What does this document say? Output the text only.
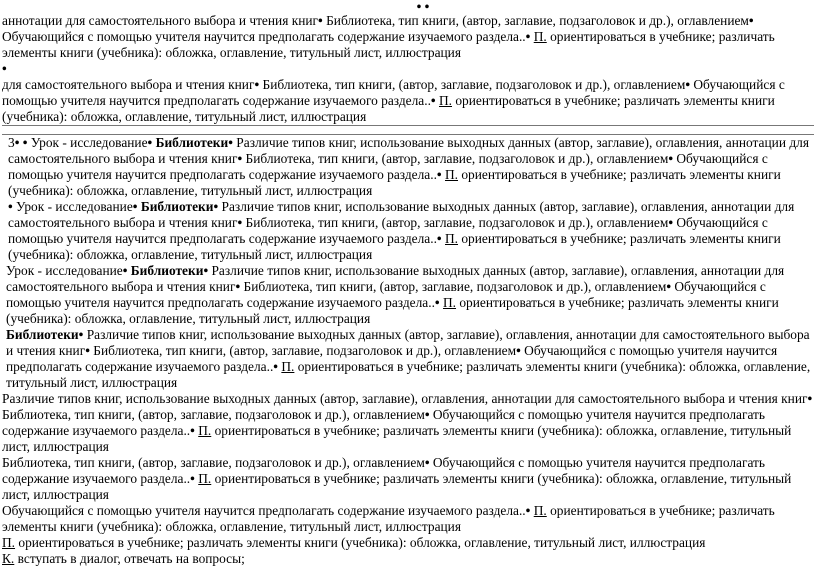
• •

аннотации для самостоятельного выбора и чтения книг• Библиотека, тип книги, (автор, заглавие, подзаголовок и др.), оглавлением• Обучающийся с помощью учителя научится предполагать содержание изучаемого раздела..• П. ориентироваться в учебнике; различать элементы книги (учебника): обложка, оглавление, титульный лист, иллюстрация

•

для самостоятельного выбора и чтения книг• Библиотека, тип книги, (автор, заглавие, подзаголовок и др.), оглавлением• Обучающийся с помощью учителя научится предполагать содержание изучаемого раздела..• П. ориентироваться в учебнике; различать элементы книги (учебника): обложка, оглавление, титульный лист, иллюстрация

3• • Урок - исследование• Библиотеки• Различие типов книг, использование выходных данных (автор, заглавие), оглавления, аннотации для самостоятельного выбора и чтения книг• Библиотека, тип книги, (автор, заглавие, подзаголовок и др.), оглавлением• Обучающийся с помощью учителя научится предполагать содержание изучаемого раздела..• П. ориентироваться в учебнике; различать элементы книги (учебника): обложка, оглавление, титульный лист, иллюстрация

• Урок - исследование• Библиотеки• Различие типов книг, использование выходных данных (автор, заглавие), оглавления, аннотации для самостоятельного выбора и чтения книг• Библиотека, тип книги, (автор, заглавие, подзаголовок и др.), оглавлением• Обучающийся с помощью учителя научится предполагать содержание изучаемого раздела..• П. ориентироваться в учебнике; различать элементы книги (учебника): обложка, оглавление, титульный лист, иллюстрация

Урок - исследование• Библиотеки• Различие типов книг, использование выходных данных (автор, заглавие), оглавления, аннотации для самостоятельного выбора и чтения книг• Библиотека, тип книги, (автор, заглавие, подзаголовок и др.), оглавлением• Обучающийся с помощью учителя научится предполагать содержание изучаемого раздела..• П. ориентироваться в учебнике; различать элементы книги (учебника): обложка, оглавление, титульный лист, иллюстрация

Библиотеки• Различие типов книг, использование выходных данных (автор, заглавие), оглавления, аннотации для самостоятельного выбора и чтения книг• Библиотека, тип книги, (автор, заглавие, подзаголовок и др.), оглавлением• Обучающийся с помощью учителя научится предполагать содержание изучаемого раздела..• П. ориентироваться в учебнике; различать элементы книги (учебника): обложка, оглавление, титульный лист, иллюстрация

Различие типов книг, использование выходных данных (автор, заглавие), оглавления, аннотации для самостоятельного выбора и чтения книг• Библиотека, тип книги, (автор, заглавие, подзаголовок и др.), оглавлением• Обучающийся с помощью учителя научится предполагать содержание изучаемого раздела..• П. ориентироваться в учебнике; различать элементы книги (учебника): обложка, оглавление, титульный лист, иллюстрация

Библиотека, тип книги, (автор, заглавие, подзаголовок и др.), оглавлением• Обучающийся с помощью учителя научится предполагать содержание изучаемого раздела..• П. ориентироваться в учебнике; различать элементы книги (учебника): обложка, оглавление, титульный лист, иллюстрация

Обучающийся с помощью учителя научится предполагать содержание изучаемого раздела..• П. ориентироваться в учебнике; различать элементы книги (учебника): обложка, оглавление, титульный лист, иллюстрация

П. ориентироваться в учебнике; различать элементы книги (учебника): обложка, оглавление, титульный лист, иллюстрация

К. вступать в диалог, отвечать на вопросы;
